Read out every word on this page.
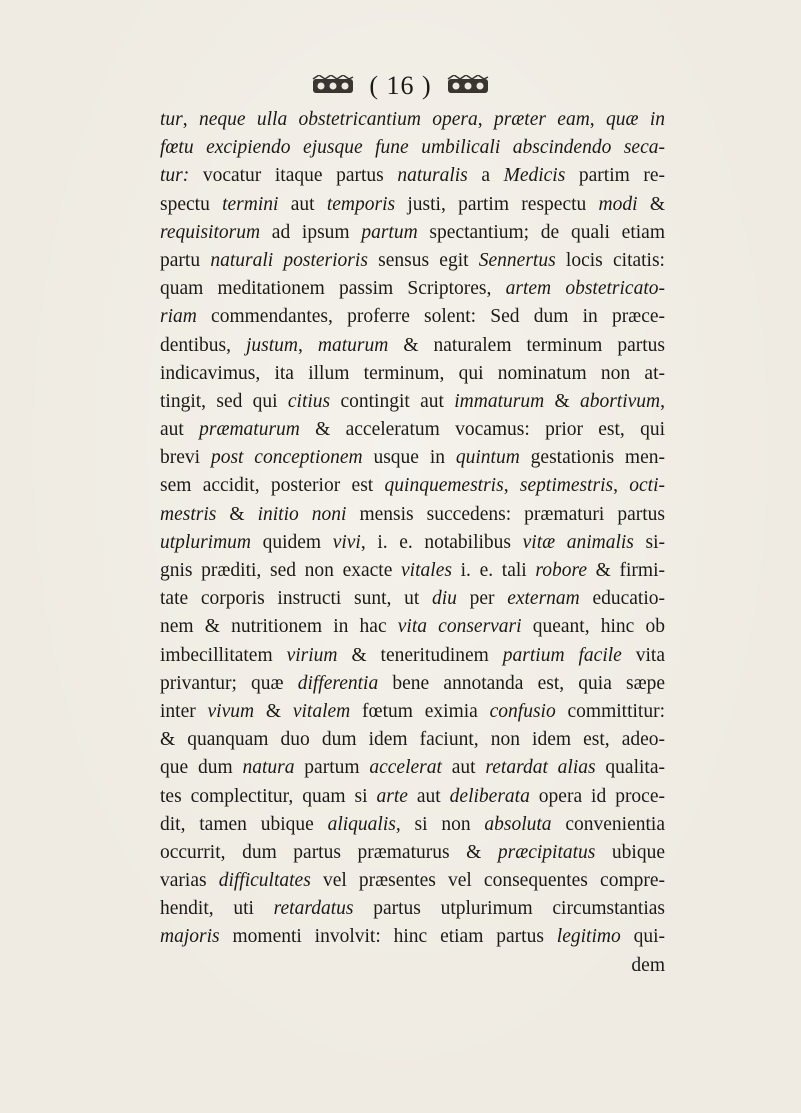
( 16 )
tur, neque ulla obstetricantium opera, præter eam, quæ in
fœtu excipiendo ejusque fune umbilicali abscindendo seca-
tur: vocatur itaque partus naturalis a Medicis partim re-
spectu termini aut temporis justi, partim respectu modi &
requisitorum ad ipsum partum spectantium; de quali etiam
partu naturali posterioris sensus egit Sennertus locis citatis:
quam meditationem passim Scriptores, artem obstetricato-
riam commendantes, proferre solent: Sed dum in præce-
dentibus, justum, maturum & naturalem terminum partus
indicavimus, ita illum terminum, qui nominatum non at-
tingit, sed qui citius contingit aut immaturum & abortivum,
aut præmaturum & acceleratum vocamus: prior est, qui
brevi post conceptionem usque in quintum gestationis men-
sem accidit, posterior est quinquemestris, septimestris, octi-
mestris & initio noni mensis succedens: præmaturi partus
utplurimum quidem vivi, i. e. notabilibus vitæ animalis si-
gnis præditi, sed non exacte vitales i. e. tali robore & firmi-
tate corporis instructi sunt, ut diu per externam educatio-
nem & nutritionem in hac vita conservari queant, hinc ob
imbecillitatem virium & teneritudinem partium facile vita
privantur; quæ differentia bene annotanda est, quia sæpe
inter vivum & vitalem fœtum eximia confusio committitur:
& quanquam duo dum idem faciunt, non idem est, adeo-
que dum natura partum accelerat aut retardat alias qualita-
tes complectitur, quam si arte aut deliberata opera id proce-
dit, tamen ubique aliqualis, si non absoluta convenientia
occurrit, dum partus præmaturus & præcipitatus ubique
varias difficultates vel præsentes vel consequentes compre-
hendit, uti retardatus partus utplurimum circumstantias
majoris momenti involvit: hinc etiam partus legitimo qui-
dem
